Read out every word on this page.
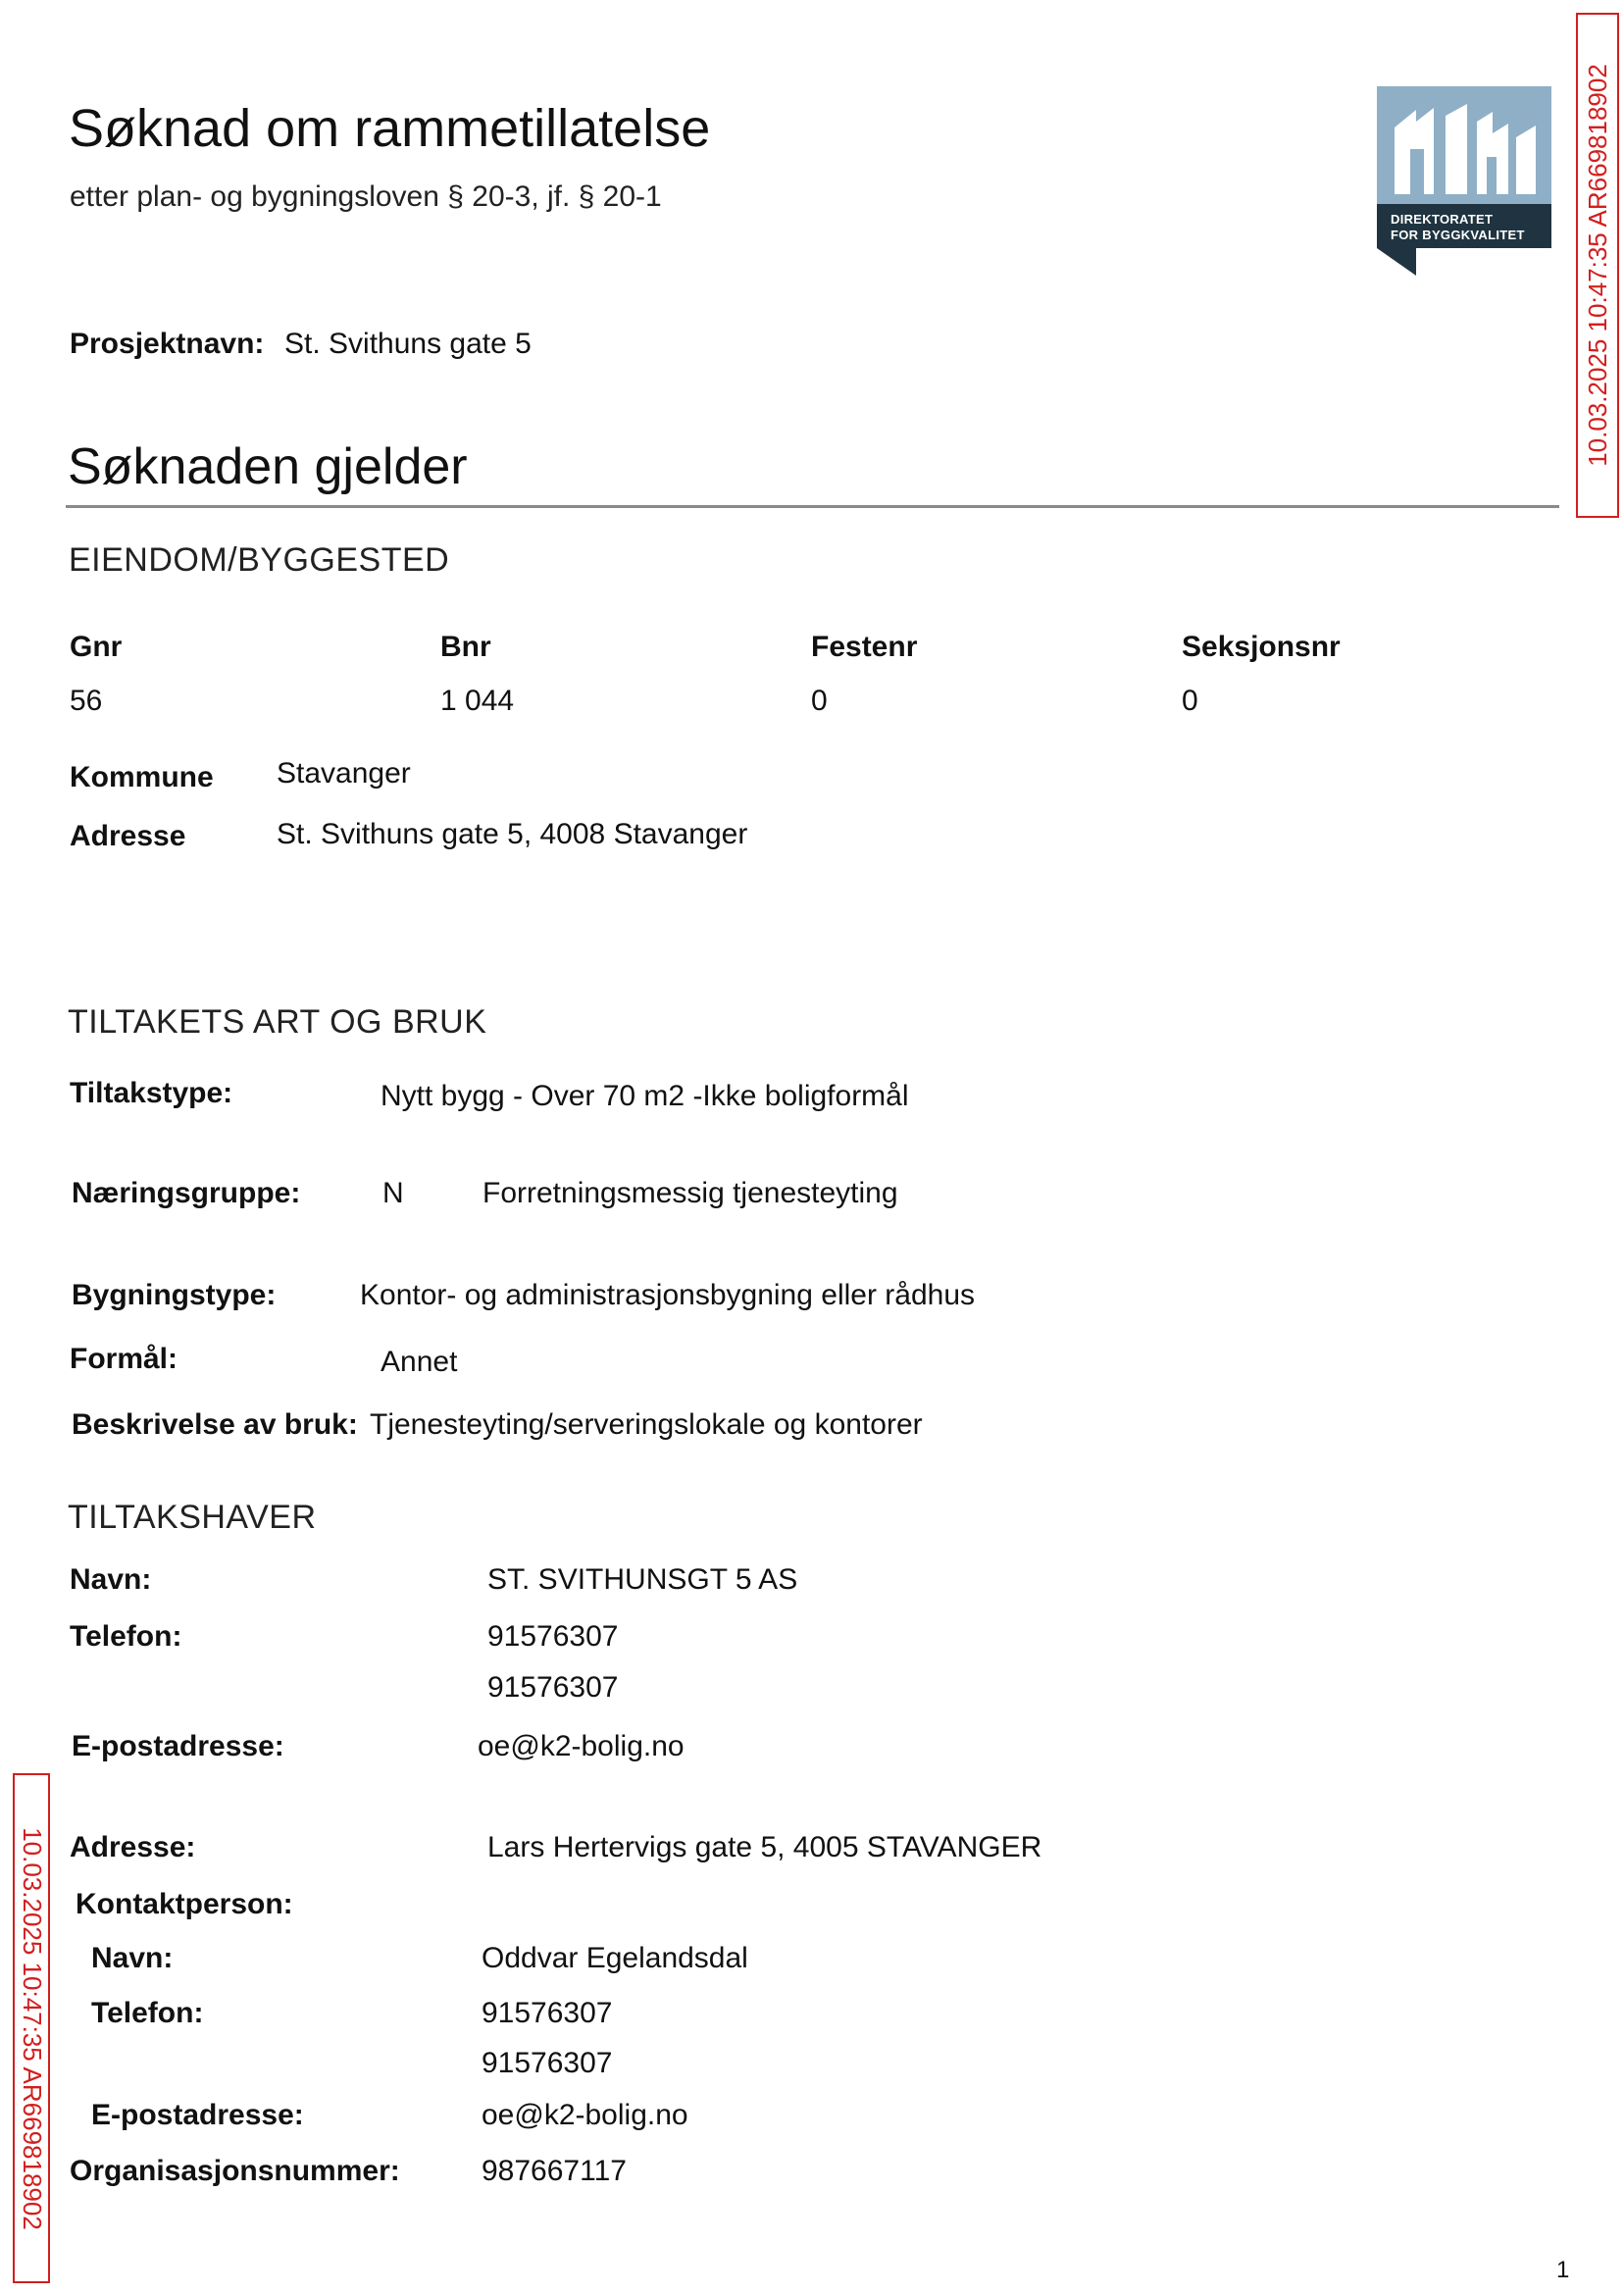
Søknad om rammetillatelse
etter plan- og bygningsloven § 20-3, jf. § 20-1
DIREKTORATET
FOR BYGGKVALITET 10.03.2025 10:47:35 AR669818902
10.03.2025 10:47:35 AR669818902
Prosjektnavn: St. Svithuns gate 5
Søknaden gjelder
EIENDOM/BYGGESTED
Gnr	Bnr	Festenr	Seksjonsnr
56	1 044	0	0
Kommune Stavanger
Adresse	St. Svithuns gate 5, 4008 Stavanger
TILTAKETS ART OG BRUK
Tiltakstype:	Nytt bygg - Over 70 m2 -Ikke boligformål
Næringsgruppe:	N	Forretningsmessig tjenesteyting
Bygningstype:	Kontor- og administrasjonsbygning eller rådhus
Formål:	Annet
Beskrivelse av bruk: Tjenesteyting/serveringslokale og kontorer
TILTAKSHAVER
Navn:	ST. SVITHUNSGT 5 AS
Telefon:	91576307
91576307
E-postadresse:	oe@k2-bolig.no
Adresse:	Lars Hertervigs gate 5, 4005 STAVANGER
Kontaktperson:
Navn:	Oddvar Egelandsdal
Telefon:	91576307
91576307
E-postadresse:	oe@k2-bolig.no
Organisasjonsnummer:	987667117
1
